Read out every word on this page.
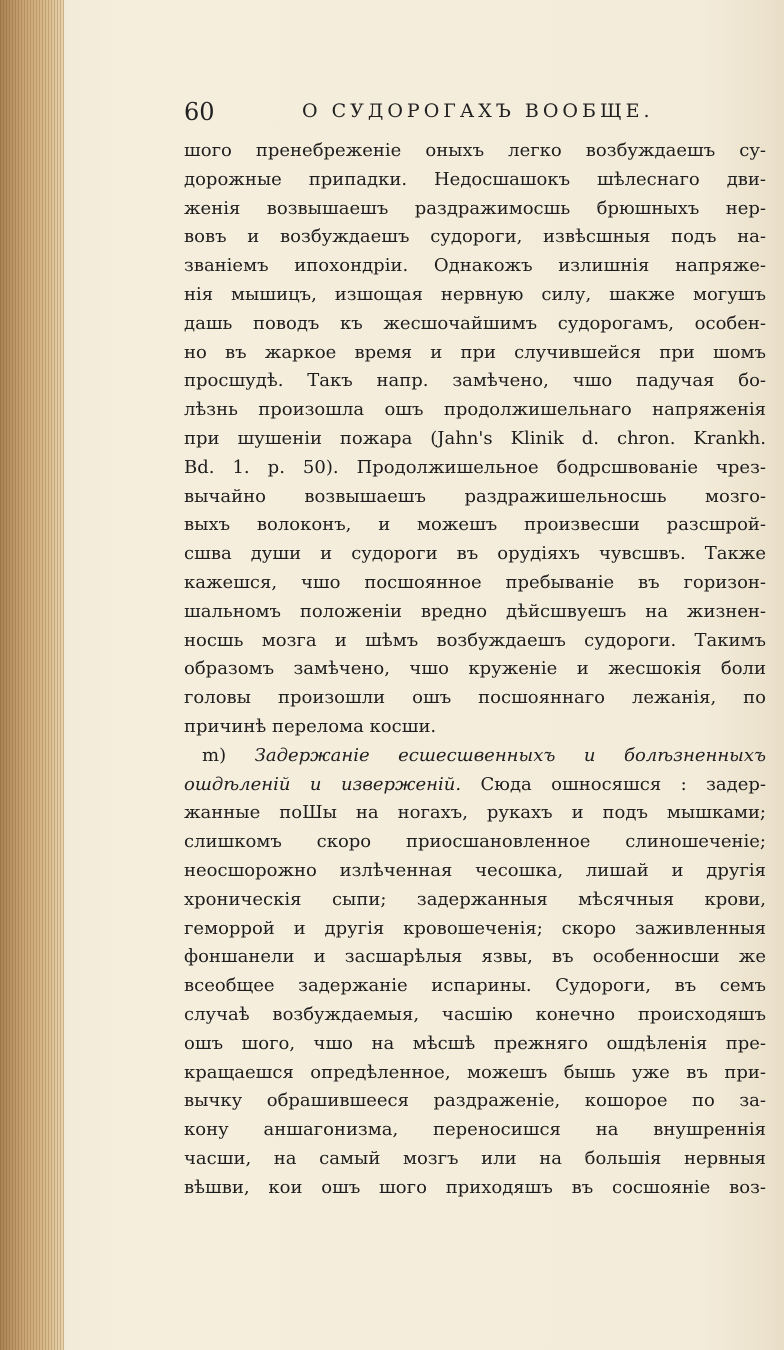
60	О СУДОРОГАХЪ ВООБЩЕ.
шого пренебреженіе оныхъ легко возбуждаешъ су-
дорожные припадки. Недосшашокъ шѣлеснаго дви-
женія возвышаешъ раздражимосшь брюшныхъ нер-
вовъ и возбуждаешъ судороги, извѣсшныя подъ на-
званіемъ ипохондріи. Однакожъ излишнія напряже-
нія мышицъ, изшощая нервную силу, шакже могушъ
дашь поводъ къ жесшочайшимъ судорогамъ, особен-
но въ жаркое время и при случившейся при шомъ
просшудѣ. Такъ напр. замѣчено, чшо падучая бо-
лѣзнь произошла ошъ продолжишельнаго напряженія
при шушеніи пожара (Jahn's Klinik d. chron. Krankh.
Bd. 1. p. 50). Продолжишельное бодрсшвованіе чрез-
вычайно возвышаешъ раздражишельносшь мозго-
выхъ волоконъ, и можешъ произвесши разсшрой-
сшва души и судороги въ орудіяхъ чувсшвъ. Также
кажешся, чшо посшоянное пребываніе въ горизон-
шальномъ положеніи вредно дѣйсшвуешъ на жизнен-
носшь мозга и шѣмъ возбуждаешъ судороги. Такимъ
образомъ замѣчено, чшо круженіе и жесшокія боли
головы произошли ошъ посшояннаго лежанія, по
причинѣ перелома косши.
m) Задержаніе есшесшвенныхъ и болѣзненныхъ
ошдѣленій и изверженій. Сюда ошносяшся : задер-
жанные поШы на ногахъ, рукахъ и подъ мышками;
слишкомъ скоро приосшановленное слиношеченіе;
неосшорожно излѣченная чесошка, лишай и другія
хроническія сыпи; задержанныя мѣсячныя крови,
геморрой и другія кровошеченія; скоро заживленныя
фоншанели и засшарѣлыя язвы, въ особенносши же
всеобщее задержаніе испарины. Судороги, въ семъ
случаѣ возбуждаемыя, часшію конечно происходяшъ
ошъ шого, чшо на мѣсшѣ прежняго ошдѣленія пре-
кращаешся опредѣленное, можешъ бышь уже въ при-
вычку обрашившееся раздраженіе, кошорое по за-
кону аншагонизма, переносишся на внушреннія
часши, на самый мозгъ или на большія нервныя
вѣшви, кои ошъ шого приходяшъ въ сосшояніе воз-
